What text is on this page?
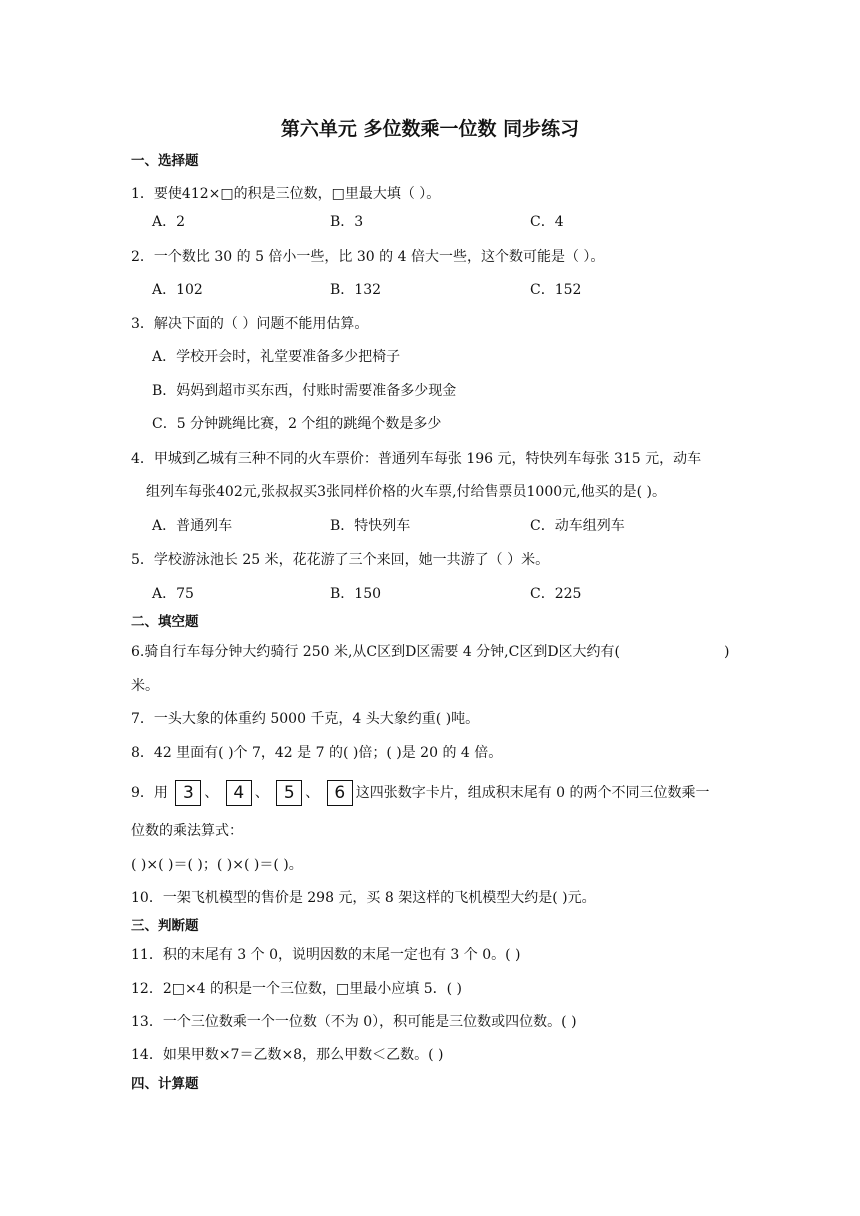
第六单元 多位数乘一位数 同步练习
一、选择题
1．要使412×□的积是三位数，□里最大填（ ）。
A．2	B．3	C．4
2．一个数比 30 的 5 倍小一些，比 30 的 4 倍大一些，这个数可能是（ ）。
A．102	B．132	C．152
3．解决下面的（ ）问题不能用估算。
A．学校开会时，礼堂要准备多少把椅子
B．妈妈到超市买东西，付账时需要准备多少现金
C．5 分钟跳绳比赛，2 个组的跳绳个数是多少
4．甲城到乙城有三种不同的火车票价：普通列车每张 196 元，特快列车每张 315 元，动车
组列车每张402元,张叔叔买3张同样价格的火车票,付给售票员1000元,他买的是( )。
A．普通列车	B．特快列车	C．动车组列车
5．学校游泳池长 25 米，花花游了三个来回，她一共游了（ ）米。
A．75	B．150	C．225
二、填空题
6.骑自行车每分钟大约骑行 250 米,从C区到D区需要 4 分钟,C区到D区大约有(	)
米。
7．一头大象的体重约 5000 千克，4 头大象约重( )吨。
8．42 里面有( )个 7，42 是 7 的( )倍；( )是 20 的 4 倍。
9．用 3 、 4 、 5 、 6 这四张数字卡片，组成积末尾有 0 的两个不同三位数乘一
位数的乘法算式：
( )×( )＝( )；( )×( )＝( )。
10．一架飞机模型的售价是 298 元，买 8 架这样的飞机模型大约是( )元。
三、判断题
11．积的末尾有 3 个 0，说明因数的末尾一定也有 3 个 0。( )
12．2□×4 的积是一个三位数，□里最小应填 5．( )
13．一个三位数乘一个一位数（不为 0），积可能是三位数或四位数。( )
14．如果甲数×7＝乙数×8，那么甲数＜乙数。( )
四、计算题
